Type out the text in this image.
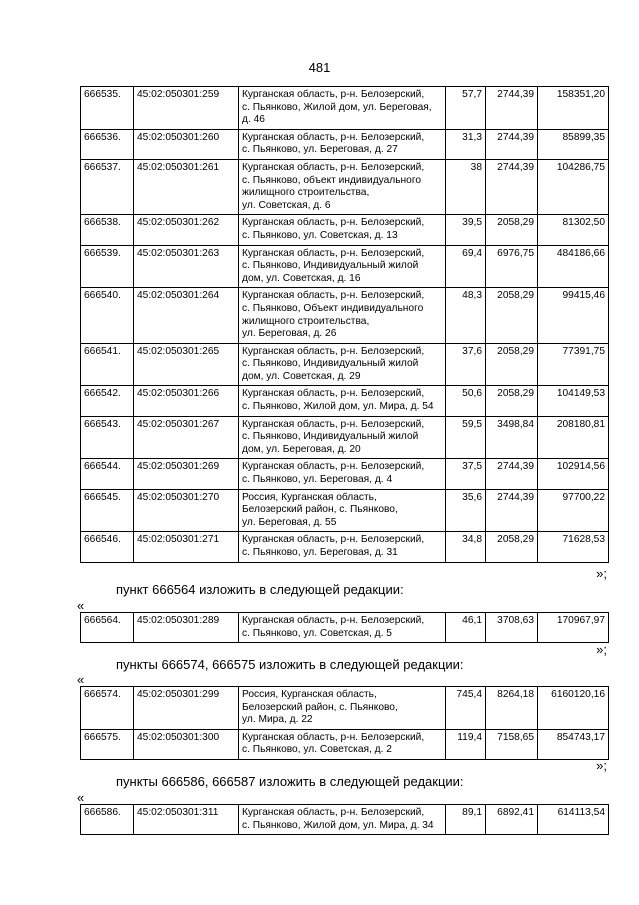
481
666535.	45:02:050301:259	Курганская область, р-н. Белозерский,
с. Пьянково, Жилой дом, ул. Береговая,
д. 46	57,7	2744,39	158351,20
666536.	45:02:050301:260	Курганская область, р-н. Белозерский,
с. Пьянково, ул. Береговая, д. 27	31,3	2744,39	85899,35
666537.	45:02:050301:261	Курганская область, р-н. Белозерский,
с. Пьянково, объект индивидуального
жилищного строительства,
ул. Советская, д. 6	38	2744,39	104286,75
666538.	45:02:050301:262	Курганская область, р-н. Белозерский,
с. Пьянково, ул. Советская, д. 13	39,5	2058,29	81302,50
666539.	45:02:050301:263	Курганская область, р-н. Белозерский,
с. Пьянково, Индивидуальный жилой
дом, ул. Советская, д. 16	69,4	6976,75	484186,66
666540.	45:02:050301:264	Курганская область, р-н. Белозерский,
с. Пьянково, Объект индивидуального
жилищного строительства,
ул. Береговая, д. 26	48,3	2058,29	99415,46
666541.	45:02:050301:265	Курганская область, р-н. Белозерский,
с. Пьянково, Индивидуальный жилой
дом, ул. Советская, д. 29	37,6	2058,29	77391,75
666542.	45:02:050301:266	Курганская область, р-н. Белозерский,
с. Пьянково, Жилой дом, ул. Мира, д. 54	50,6	2058,29	104149,53
666543.	45:02:050301:267	Курганская область, р-н. Белозерский,
с. Пьянково, Индивидуальный жилой
дом, ул. Береговая, д. 20	59,5	3498,84	208180,81
666544.	45:02:050301:269	Курганская область, р-н. Белозерский,
с. Пьянково, ул. Береговая, д. 4	37,5	2744,39	102914,56
666545.	45:02:050301:270	Россия, Курганская область,
Белозерский район, с. Пьянково,
ул. Береговая, д. 55	35,6	2744,39	97700,22
666546.	45:02:050301:271	Курганская область, р-н. Белозерский,
с. Пьянково, ул. Береговая, д. 31	34,8	2058,29	71628,53
»;
пункт 666564 изложить в следующей редакции:
«
666564.	45:02:050301:289	Курганская область, р-н. Белозерский,
с. Пьянково, ул. Советская, д. 5	46,1	3708,63	170967,97
»;
пункты 666574, 666575 изложить в следующей редакции:
«
666574.	45:02:050301:299	Россия, Курганская область,
Белозерский район, с. Пьянково,
ул. Мира, д. 22	745,4	8264,18	6160120,16
666575.	45:02:050301:300	Курганская область, р-н. Белозерский,
с. Пьянково, ул. Советская, д. 2	119,4	7158,65	854743,17
»;
пункты 666586, 666587 изложить в следующей редакции:
«
666586.	45:02:050301:311	Курганская область, р-н. Белозерский,
с. Пьянково, Жилой дом, ул. Мира, д. 34	89,1	6892,41	614113,54
